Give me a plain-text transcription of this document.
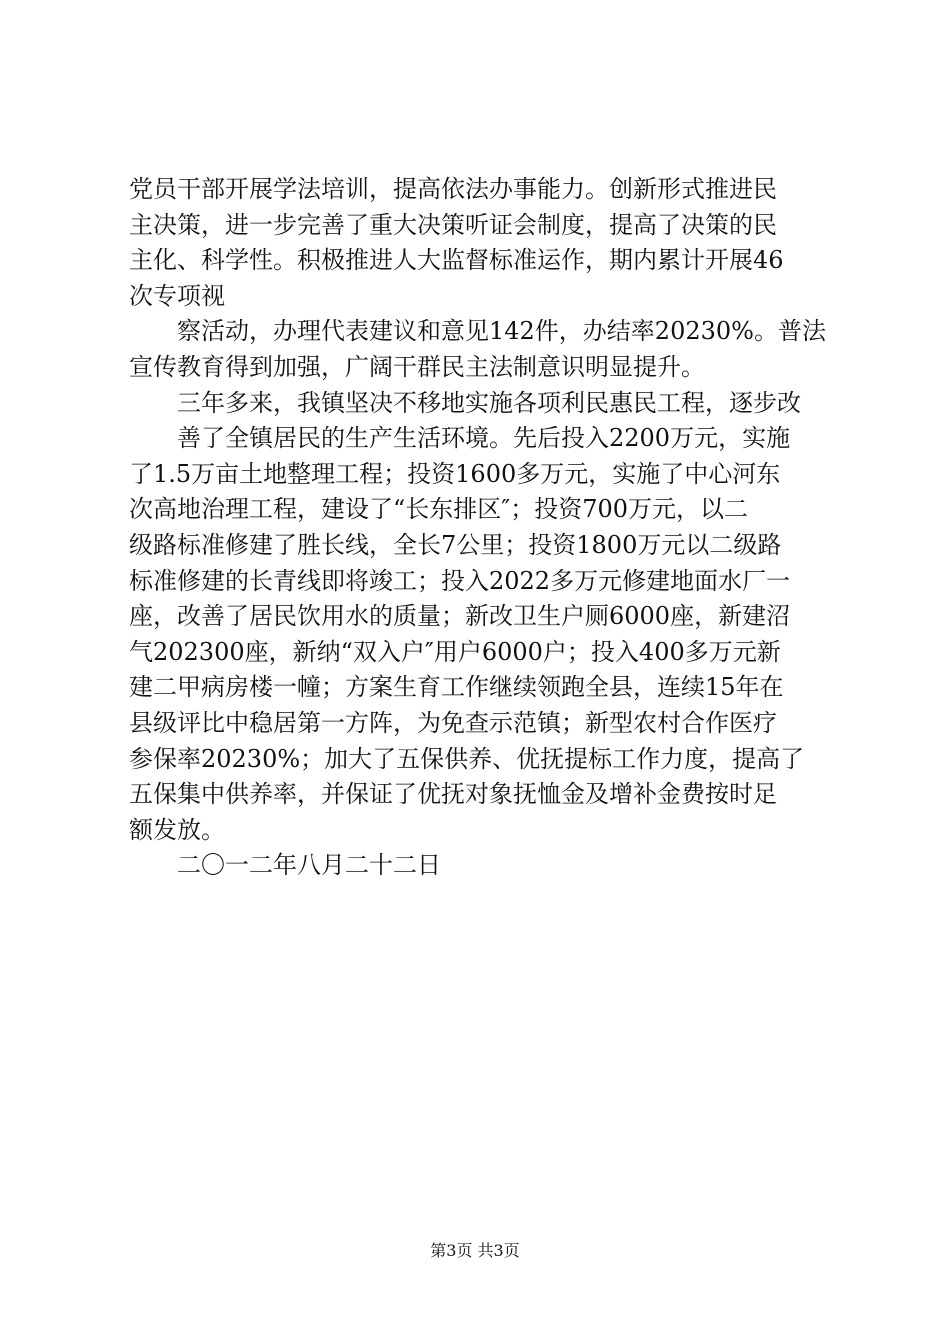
党员干部开展学法培训，提高依法办事能力。创新形式推进民
主决策，进一步完善了重大决策听证会制度，提高了决策的民
主化、科学性。积极推进人大监督标准运作，期内累计开展46
次专项视
察活动，办理代表建议和意见142件，办结率20230%。普法
宣传教育得到加强，广阔干群民主法制意识明显提升。
三年多来，我镇坚决不移地实施各项利民惠民工程，逐步改
善了全镇居民的生产生活环境。先后投入2200万元，实施
了1.5万亩土地整理工程；投资1600多万元，实施了中心河东
次高地治理工程，建设了“长东排区″；投资700万元，以二
级路标准修建了胜长线，全长7公里；投资1800万元以二级路
标准修建的长青线即将竣工；投入2022多万元修建地面水厂一
座，改善了居民饮用水的质量；新改卫生户厕6000座，新建沼
气202300座，新纳“双入户″用户6000户；投入400多万元新
建二甲病房楼一幢；方案生育工作继续领跑全县，连续15年在
县级评比中稳居第一方阵，为免查示范镇；新型农村合作医疗
参保率20230%；加大了五保供养、优抚提标工作力度，提高了
五保集中供养率，并保证了优抚对象抚恤金及增补金费按时足
额发放。
二〇一二年八月二十二日
第3页 共3页
